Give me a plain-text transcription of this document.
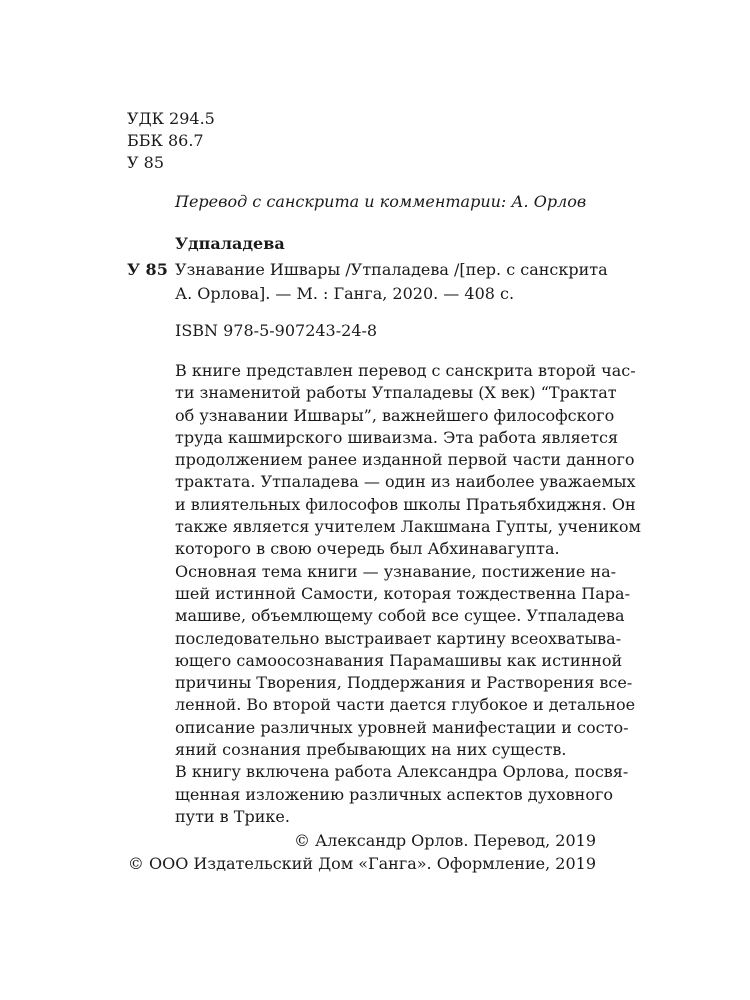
УДК 294.5
ББК 86.7
У 85
Перевод с санскрита и комментарии: А. Орлов
Удпаладева
У 85 Узнавание Ишвары /Утпаладева /[пер. с санскрита
А. Орлова]. — М. : Ганга, 2020. — 408 с.
ISBN 978-5-907243-24-8
В книге представлен перевод с санскрита второй час-
ти знаменитой работы Утпаладевы (X век) “Трактат
об узнавании Ишвары”, важнейшего философского
труда кашмирского шиваизма. Эта работа является
продолжением ранее изданной первой части данного
трактата. Утпаладева — один из наиболее уважаемых
и влиятельных философов школы Пратьябхиджня. Он
также является учителем Лакшмана Гупты, учеником
которого в свою очередь был Абхинавагупта.
Основная тема книги — узнавание, постижение на-
шей истинной Самости, которая тождественна Пара-
машиве, объемлющему собой все сущее. Утпаладева
последовательно выстраивает картину всеохватыва-
ющего самоосознавания Парамашивы как истинной
причины Творения, Поддержания и Растворения все-
ленной. Во второй части дается глубокое и детальное
описание различных уровней манифестации и состо-
яний сознания пребывающих на них существ.
В книгу включена работа Александра Орлова, посвя-
щенная изложению различных аспектов духовного
пути в Трике.
© Александр Орлов. Перевод, 2019
© ООО Издательский Дом «Ганга». Оформление, 2019
